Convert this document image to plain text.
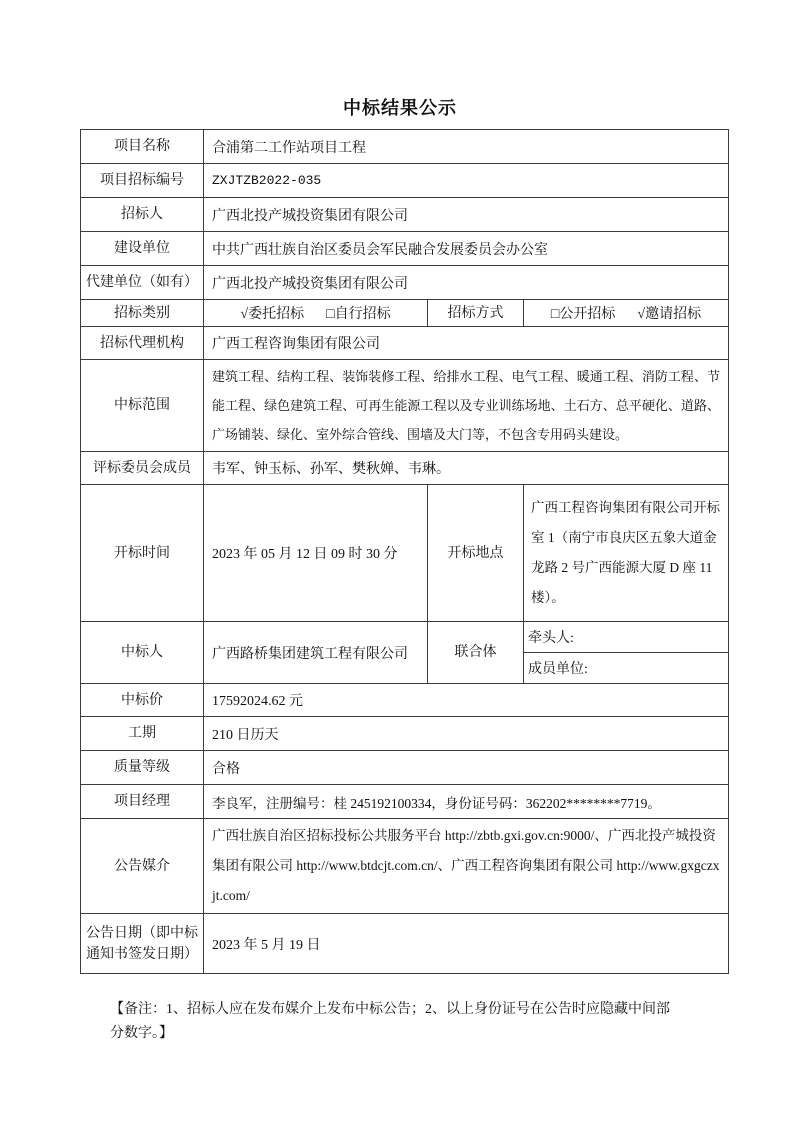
中标结果公示
项目名称	合浦第二工作站项目工程		
项目招标编号	ZXJTZB2022-035		
招标人	广西北投产城投资集团有限公司		
建设单位	中共广西壮族自治区委员会军民融合发展委员会办公室		
代建单位（如有）	广西北投产城投资集团有限公司		
招标类别	√委托招标 □自行招标	招标方式	□公开招标 √邀请招标
招标代理机构	广西工程咨询集团有限公司		
中标范围	建筑工程、结构工程、装饰装修工程、给排水工程、电气工程、暖通工程、消防工程、节能工程、绿色建筑工程、可再生能源工程以及专业训练场地、土石方、总平硬化、道路、广场铺装、绿化、室外综合管线、围墙及大门等，不包含专用码头建设。		
评标委员会成员	韦军、钟玉标、孙军、樊秋婵、韦琳。		
开标时间	2023 年 05 月 12 日 09 时 30 分	开标地点	广西工程咨询集团有限公司开标室 1（南宁市良庆区五象大道金龙路 2 号广西能源大厦 D 座 11 楼）。
中标人	广西路桥集团建筑工程有限公司	联合体	牵头人:
			成员单位:
中标价	17592024.62 元		
工期	210 日历天		
质量等级	合格		
项目经理	李良军，注册编号：桂 245192100334，身份证号码：362202********7719。		
公告媒介	广西壮族自治区招标投标公共服务平台 http://zbtb.gxi.gov.cn:9000/、广西北投产城投资集团有限公司 http://www.btdcjt.com.cn/、广西工程咨询集团有限公司 http://www.gxgczxjt.com/		
公告日期（即中标通知书签发日期）	2023 年 5 月 19 日		
【备注：1、招标人应在发布媒介上发布中标公告；2、以上身份证号在公告时应隐藏中间部
分数字。】
